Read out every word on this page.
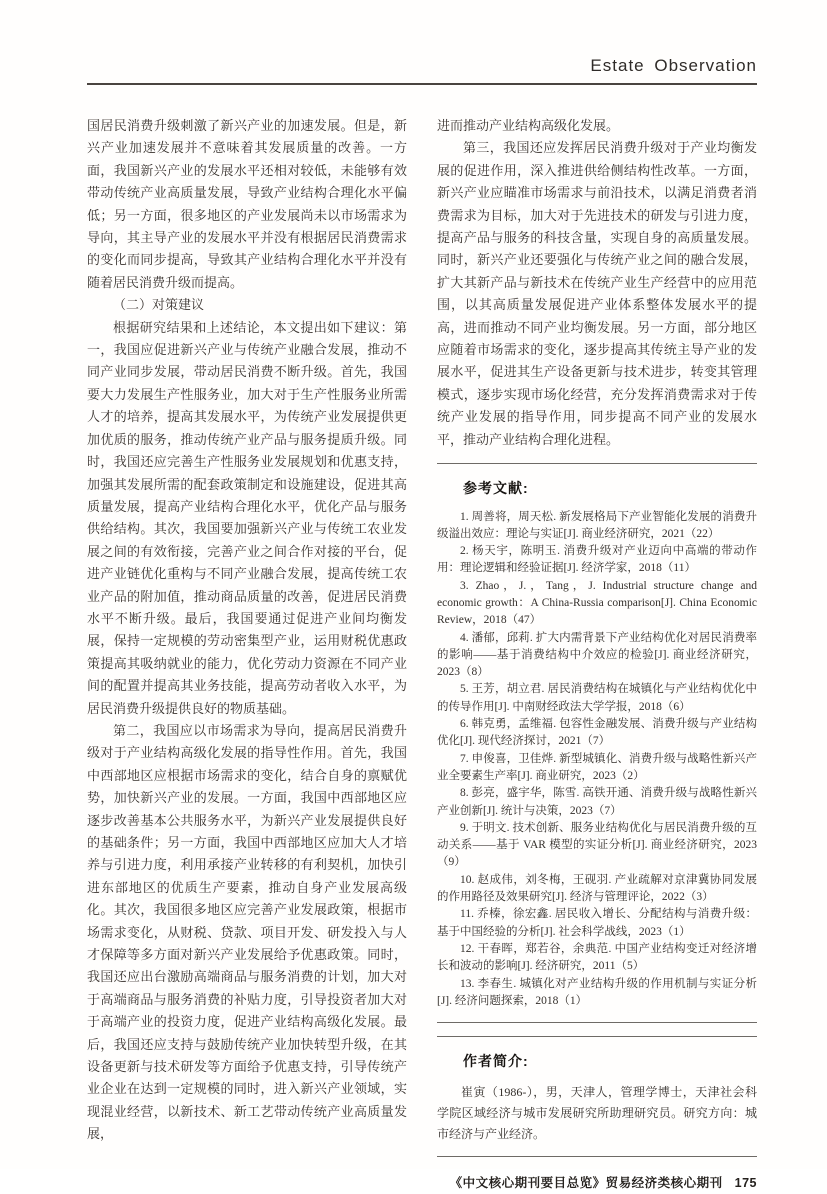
Estate Observation

国居民消费升级刺激了新兴产业的加速发展。但是，新兴产业加速发展并不意味着其发展质量的改善。一方面，我国新兴产业的发展水平还相对较低，未能够有效带动传统产业高质量发展，导致产业结构合理化水平偏低；另一方面，很多地区的产业发展尚未以市场需求为导向，其主导产业的发展水平并没有根据居民消费需求的变化而同步提高，导致其产业结构合理化水平并没有随着居民消费升级而提高。

（二）对策建议

根据研究结果和上述结论，本文提出如下建议：第一，我国应促进新兴产业与传统产业融合发展，推动不同产业同步发展，带动居民消费不断升级。首先，我国要大力发展生产性服务业，加大对于生产性服务业所需人才的培养，提高其发展水平，为传统产业发展提供更加优质的服务，推动传统产业产品与服务提质升级。同时，我国还应完善生产性服务业发展规划和优惠支持，加强其发展所需的配套政策制定和设施建设，促进其高质量发展，提高产业结构合理化水平，优化产品与服务供给结构。其次，我国要加强新兴产业与传统工农业发展之间的有效衔接，完善产业之间合作对接的平台，促进产业链优化重构与不同产业融合发展，提高传统工农业产品的附加值，推动商品质量的改善，促进居民消费水平不断升级。最后，我国要通过促进产业间均衡发展，保持一定规模的劳动密集型产业，运用财税优惠政策提高其吸纳就业的能力，优化劳动力资源在不同产业间的配置并提高其业务技能，提高劳动者收入水平，为居民消费升级提供良好的物质基础。

第二，我国应以市场需求为导向，提高居民消费升级对于产业结构高级化发展的指导性作用。首先，我国中西部地区应根据市场需求的变化，结合自身的禀赋优势，加快新兴产业的发展。一方面，我国中西部地区应逐步改善基本公共服务水平，为新兴产业发展提供良好的基础条件；另一方面，我国中西部地区应加大人才培养与引进力度，利用承接产业转移的有利契机，加快引进东部地区的优质生产要素，推动自身产业发展高级化。其次，我国很多地区应完善产业发展政策，根据市场需求变化，从财税、贷款、项目开发、研发投入与人才保障等多方面对新兴产业发展给予优惠政策。同时，我国还应出台激励高端商品与服务消费的计划，加大对于高端商品与服务消费的补贴力度，引导投资者加大对于高端产业的投资力度，促进产业结构高级化发展。最后，我国还应支持与鼓励传统产业加快转型升级，在其设备更新与技术研发等方面给予优惠支持，引导传统产业企业在达到一定规模的同时，进入新兴产业领域，实现混业经营，以新技术、新工艺带动传统产业高质量发展，

进而推动产业结构高级化发展。

第三，我国还应发挥居民消费升级对于产业均衡发展的促进作用，深入推进供给侧结构性改革。一方面，新兴产业应瞄准市场需求与前沿技术，以满足消费者消费需求为目标，加大对于先进技术的研发与引进力度，提高产品与服务的科技含量，实现自身的高质量发展。同时，新兴产业还要强化与传统产业之间的融合发展，扩大其新产品与新技术在传统产业生产经营中的应用范围，以其高质量发展促进产业体系整体发展水平的提高，进而推动不同产业均衡发展。另一方面，部分地区应随着市场需求的变化，逐步提高其传统主导产业的发展水平，促进其生产设备更新与技术进步，转变其管理模式，逐步实现市场化经营，充分发挥消费需求对于传统产业发展的指导作用，同步提高不同产业的发展水平，推动产业结构合理化进程。

参考文献:
1. 周善将，周天松. 新发展格局下产业智能化发展的消费升级溢出效应：理论与实证[J]. 商业经济研究，2021（22）
2. 杨天宇，陈明玉. 消费升级对产业迈向中高端的带动作用：理论逻辑和经验证据[J]. 经济学家，2018（11）
3. Zhao，J.，Tang，J. Industrial structure change and economic growth：A China-Russia comparison[J]. China Economic Review，2018（47）
4. 潘郁，邱莉. 扩大内需背景下产业结构优化对居民消费率的影响——基于消费结构中介效应的检验[J]. 商业经济研究，2023（8）
5. 王芳，胡立君. 居民消费结构在城镇化与产业结构优化中的传导作用[J]. 中南财经政法大学学报，2018（6）
6. 韩克勇，孟维福. 包容性金融发展、消费升级与产业结构优化[J]. 现代经济探讨，2021（7）
7. 申俊喜，卫佳烨. 新型城镇化、消费升级与战略性新兴产业全要素生产率[J]. 商业研究，2023（2）
8. 彭亮，盛宇华，陈雪. 高铁开通、消费升级与战略性新兴产业创新[J]. 统计与决策，2023（7）
9. 于明文. 技术创新、服务业结构优化与居民消费升级的互动关系——基于 VAR 模型的实证分析[J]. 商业经济研究，2023（9）
10. 赵成伟，刘冬梅，王砚羽. 产业疏解对京津冀协同发展的作用路径及效果研究[J]. 经济与管理评论，2022（3）
11. 乔榛，徐宏鑫. 居民收入增长、分配结构与消费升级：基于中国经验的分析[J]. 社会科学战线，2023（1）
12. 干春晖，郑若谷，余典范. 中国产业结构变迁对经济增长和波动的影响[J]. 经济研究，2011（5）
13. 李春生. 城镇化对产业结构升级的作用机制与实证分析[J]. 经济问题探索，2018（1）
作者简介:

崔寅（1986-），男，天津人，管理学博士，天津社会科学院区域经济与城市发展研究所助理研究员。研究方向：城市经济与产业经济。

《中文核心期刊要目总览》贸易经济类核心期刊 175
